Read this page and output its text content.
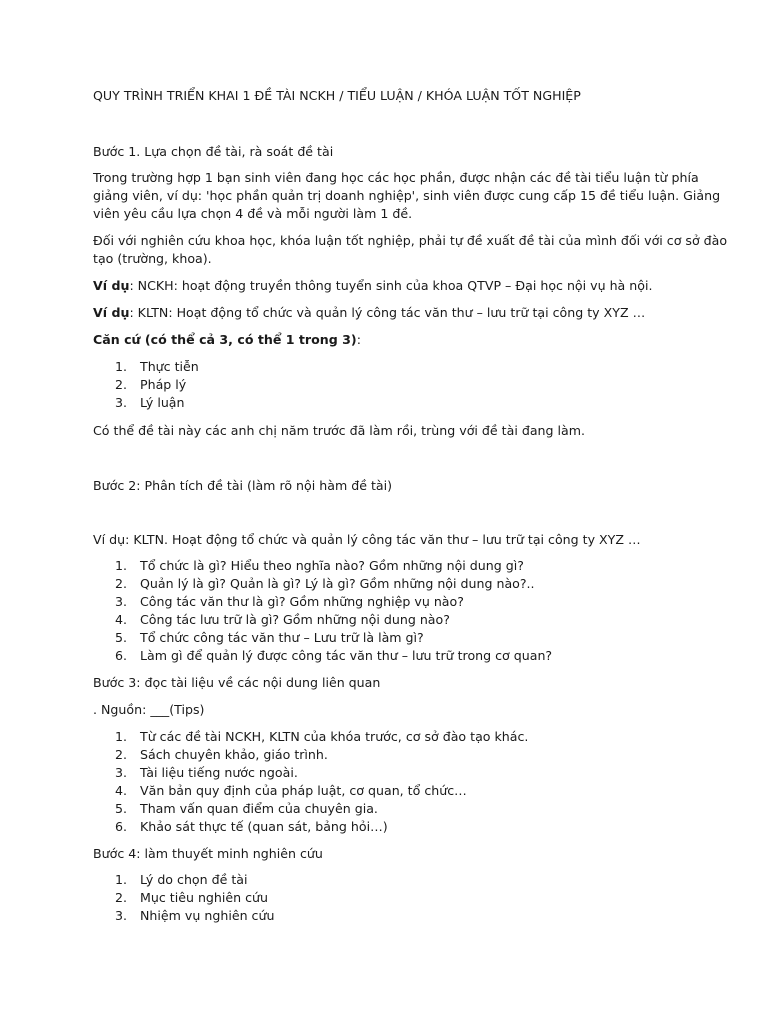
QUY TRÌNH TRIỂN KHAI 1 ĐỀ TÀI NCKH / TIỂU LUẬN / KHÓA LUẬN TỐT NGHIỆP
Bước 1. Lựa chọn đề tài, rà soát đề tài
Trong trường hợp 1 bạn sinh viên đang học các học phần, được nhận các đề tài tiểu luận từ phía
giảng viên, ví dụ: 'học phần quản trị doanh nghiệp', sinh viên được cung cấp 15 đề tiểu luận. Giảng
viên yêu cầu lựa chọn 4 đề và mỗi người làm 1 đề.
Đối với nghiên cứu khoa học, khóa luận tốt nghiệp, phải tự đề xuất đề tài của mình đối với cơ sở đào
tạo (trường, khoa).
Ví dụ: NCKH: hoạt động truyền thông tuyển sinh của khoa QTVP – Đại học nội vụ hà nội.
Ví dụ: KLTN: Hoạt động tổ chức và quản lý công tác văn thư – lưu trữ tại công ty XYZ …
Căn cứ (có thể cả 3, có thể 1 trong 3):
1.	Thực tiễn
2.	Pháp lý
3.	Lý luận
Có thể đề tài này các anh chị năm trước đã làm rồi, trùng với đề tài đang làm.
Bước 2: Phân tích đề tài (làm rõ nội hàm đề tài)
Ví dụ: KLTN. Hoạt động tổ chức và quản lý công tác văn thư – lưu trữ tại công ty XYZ …
1.	Tổ chức là gì? Hiểu theo nghĩa nào? Gồm những nội dung gì?
2.	Quản lý là gì? Quản là gì? Lý là gì? Gồm những nội dung nào?..
3.	Công tác văn thư là gì? Gồm những nghiệp vụ nào?
4.	Công tác lưu trữ là gì? Gồm những nội dung nào?
5.	Tổ chức công tác văn thư – Lưu trữ là làm gì?
6.	Làm gì để quản lý được công tác văn thư – lưu trữ trong cơ quan?
Bước 3: đọc tài liệu về các nội dung liên quan
. Nguồn: ___(Tips)
1.	Từ các đề tài NCKH, KLTN của khóa trước, cơ sở đào tạo khác.
2.	Sách chuyên khảo, giáo trình.
3.	Tài liệu tiếng nước ngoài.
4.	Văn bản quy định của pháp luật, cơ quan, tổ chức…
5.	Tham vấn quan điểm của chuyên gia.
6.	Khảo sát thực tế (quan sát, bảng hỏi…)
Bước 4: làm thuyết minh nghiên cứu
1.	Lý do chọn đề tài
2.	Mục tiêu nghiên cứu
3.	Nhiệm vụ nghiên cứu
